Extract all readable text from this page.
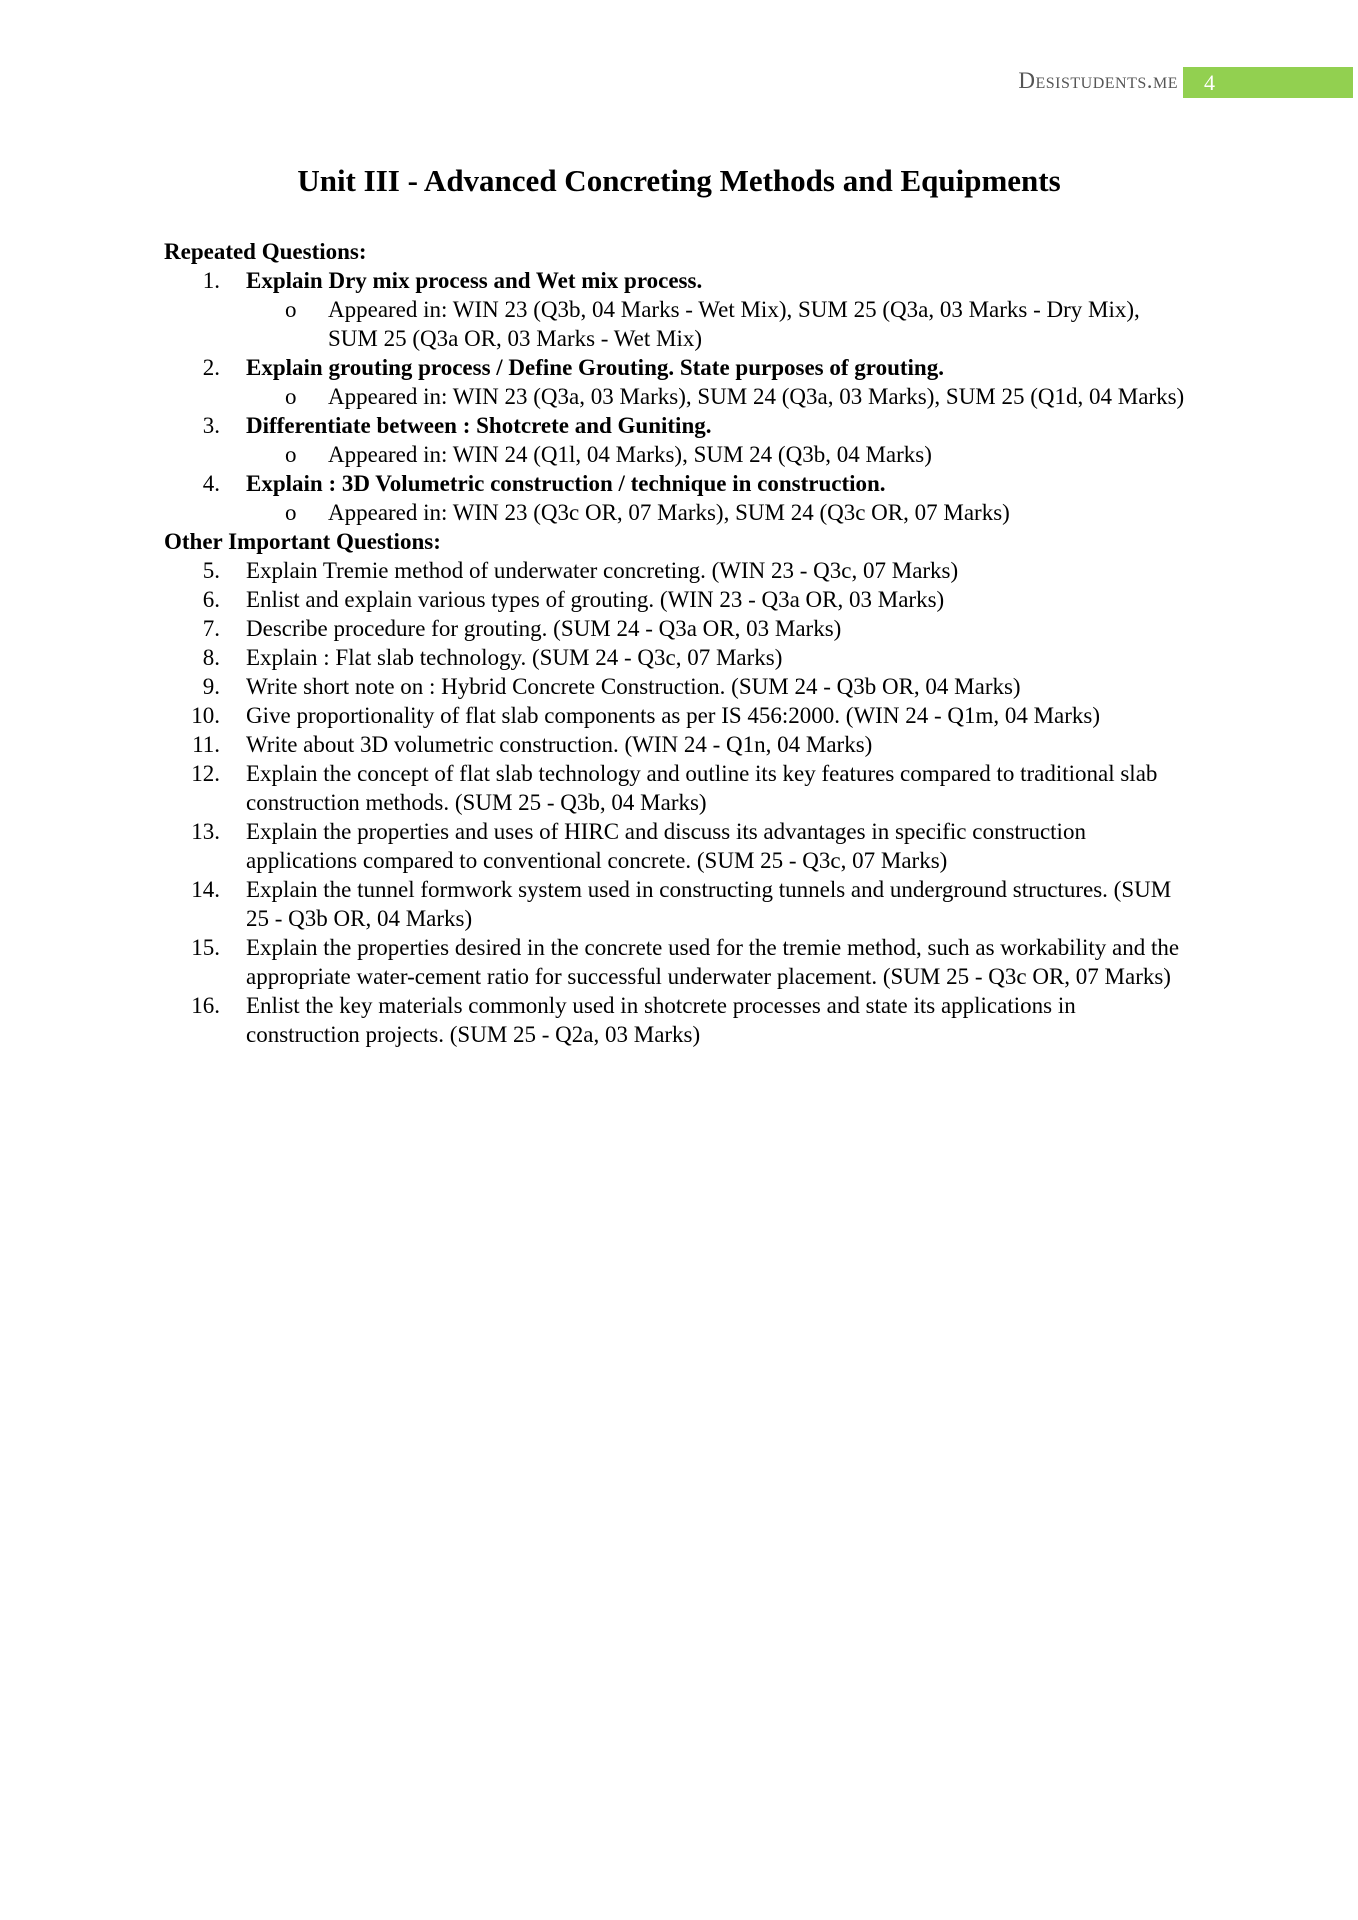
Desistudents.me	4
Unit III - Advanced Concreting Methods and Equipments
Repeated Questions:
1. Explain Dry mix process and Wet mix process.
o Appeared in: WIN 23 (Q3b, 04 Marks - Wet Mix), SUM 25 (Q3a, 03 Marks - Dry Mix), SUM 25 (Q3a OR, 03 Marks - Wet Mix)
2. Explain grouting process / Define Grouting. State purposes of grouting.
o Appeared in: WIN 23 (Q3a, 03 Marks), SUM 24 (Q3a, 03 Marks), SUM 25 (Q1d, 04 Marks)
3. Differentiate between : Shotcrete and Guniting.
o Appeared in: WIN 24 (Q1l, 04 Marks), SUM 24 (Q3b, 04 Marks)
4. Explain : 3D Volumetric construction / technique in construction.
o Appeared in: WIN 23 (Q3c OR, 07 Marks), SUM 24 (Q3c OR, 07 Marks)
Other Important Questions:
5. Explain Tremie method of underwater concreting. (WIN 23 - Q3c, 07 Marks)
6. Enlist and explain various types of grouting. (WIN 23 - Q3a OR, 03 Marks)
7. Describe procedure for grouting. (SUM 24 - Q3a OR, 03 Marks)
8. Explain : Flat slab technology. (SUM 24 - Q3c, 07 Marks)
9. Write short note on : Hybrid Concrete Construction. (SUM 24 - Q3b OR, 04 Marks)
10. Give proportionality of flat slab components as per IS 456:2000. (WIN 24 - Q1m, 04 Marks)
11. Write about 3D volumetric construction. (WIN 24 - Q1n, 04 Marks)
12. Explain the concept of flat slab technology and outline its key features compared to traditional slab construction methods. (SUM 25 - Q3b, 04 Marks)
13. Explain the properties and uses of HIRC and discuss its advantages in specific construction applications compared to conventional concrete. (SUM 25 - Q3c, 07 Marks)
14. Explain the tunnel formwork system used in constructing tunnels and underground structures. (SUM 25 - Q3b OR, 04 Marks)
15. Explain the properties desired in the concrete used for the tremie method, such as workability and the appropriate water-cement ratio for successful underwater placement. (SUM 25 - Q3c OR, 07 Marks)
16. Enlist the key materials commonly used in shotcrete processes and state its applications in construction projects. (SUM 25 - Q2a, 03 Marks)
